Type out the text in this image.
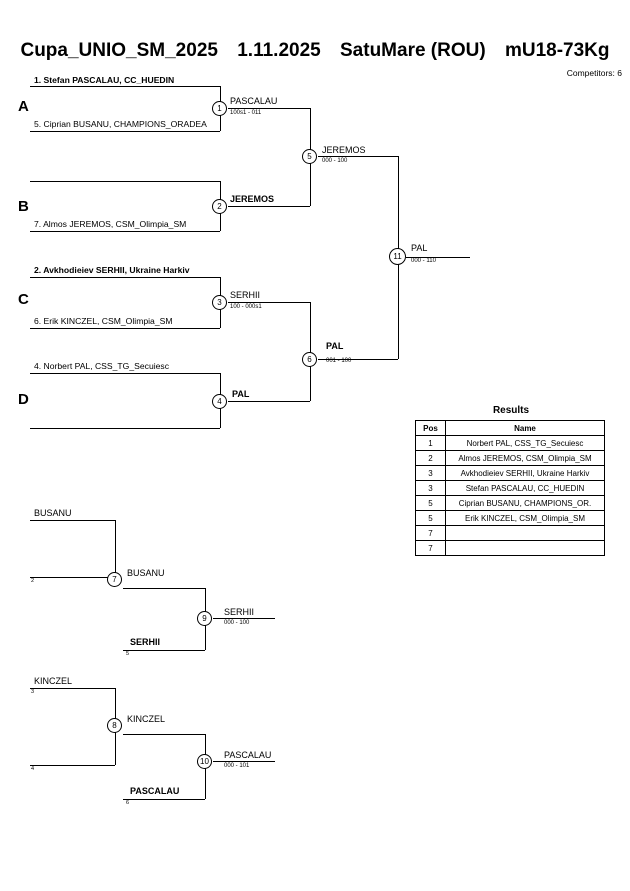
Cupa_UNIO_SM_2025 1.11.2025 SatuMare (ROU) mU18-73Kg
Competitors: 6
A
B
C
D
1. Stefan PASCALAU, CC_HUEDIN
5. Ciprian BUSANU, CHAMPIONS_ORADEA
1
PASCALAU
100s1 - 011
7. Almos JEREMOS, CSM_Olimpia_SM
2
JEREMOS
5
JEREMOS
000 - 100
2. Avkhodieiev SERHII, Ukraine Harkiv
6. Erik KINCZEL, CSM_Olimpia_SM
3
SERHII
100 - 000s1
4. Norbert PAL, CSS_TG_Secuiesc
4
PAL
6
PAL
001 - 100
11
PAL
000 - 110
BUSANU
2	7
BUSANU
SERHII
5
9
SERHII
000 - 100
KINCZEL
3
4
8
KINCZEL
PASCALAU
6
10
PASCALAU
000 - 101
Results
Pos	Name
1	Norbert PAL, CSS_TG_Secuiesc
2	Almos JEREMOS, CSM_Olimpia_SM
3	Avkhodieiev SERHII, Ukraine Harkiv
3	Stefan PASCALAU, CC_HUEDIN
5	Ciprian BUSANU, CHAMPIONS_OR.
5	Erik KINCZEL, CSM_Olimpia_SM
7	
7	
